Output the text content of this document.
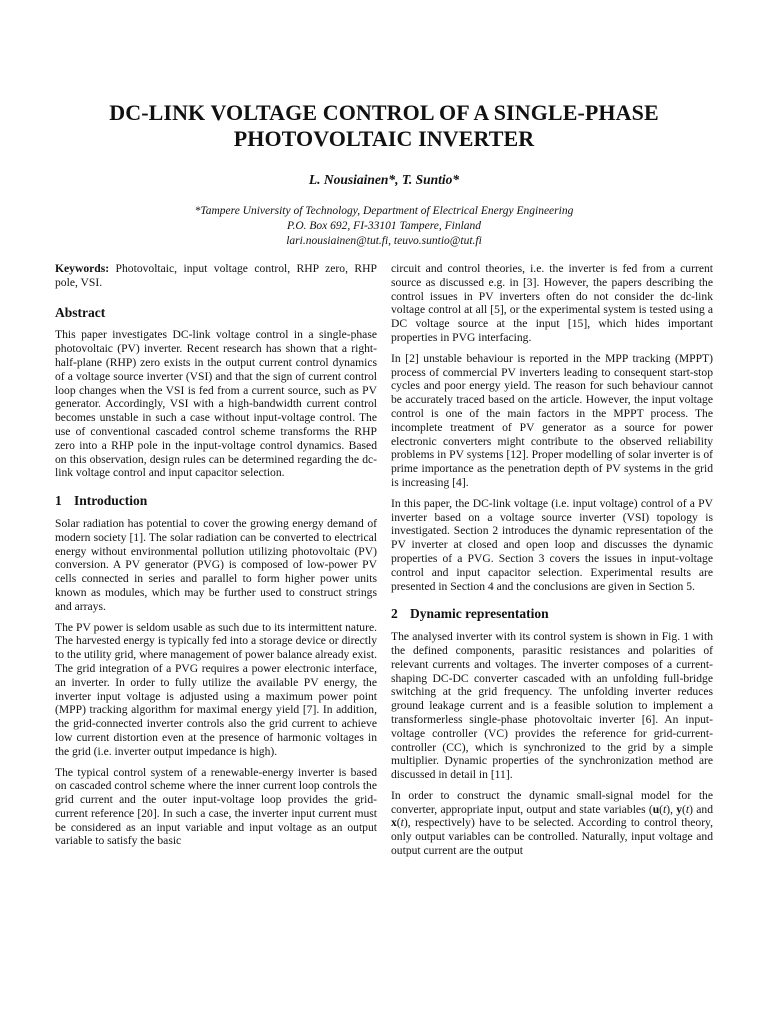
DC-LINK VOLTAGE CONTROL OF A SINGLE-PHASE
PHOTOVOLTAIC INVERTER
L. Nousiainen*, T. Suntio*
*Tampere University of Technology, Department of Electrical Energy Engineering
P.O. Box 692, FI-33101 Tampere, Finland
lari.nousiainen@tut.fi, teuvo.suntio@tut.fi

Keywords: Photovoltaic, input voltage control, RHP zero, RHP pole, VSI.

Abstract

This paper investigates DC-link voltage control in a single-phase photovoltaic (PV) inverter. Recent research has shown that a right-half-plane (RHP) zero exists in the output current control dynamics of a voltage source inverter (VSI) and that the sign of current control loop changes when the VSI is fed from a current source, such as PV generator. Accordingly, VSI with a high-bandwidth current control becomes unstable in such a case without input-voltage control. The use of conventional cascaded control scheme transforms the RHP zero into a RHP pole in the input-voltage control dynamics. Based on this observation, design rules can be determined regarding the dc-link voltage control and input capacitor selection.

1 Introduction

Solar radiation has potential to cover the growing energy demand of modern society [1]. The solar radiation can be converted to electrical energy without environmental pollution utilizing photovoltaic (PV) conversion. A PV generator (PVG) is composed of low-power PV cells connected in series and parallel to form higher power units known as modules, which may be further used to construct strings and arrays.

The PV power is seldom usable as such due to its intermittent nature. The harvested energy is typically fed into a storage device or directly to the utility grid, where management of power balance already exist. The grid integration of a PVG requires a power electronic interface, an inverter. In order to fully utilize the available PV energy, the inverter input voltage is adjusted using a maximum power point (MPP) tracking algorithm for maximal energy yield [7]. In addition, the grid-connected inverter controls also the grid current to achieve low current distortion even at the presence of harmonic voltages in the grid (i.e. inverter output impedance is high).

The typical control system of a renewable-energy inverter is based on cascaded control scheme where the inner current loop controls the grid current and the outer input-voltage loop provides the grid-current reference [20]. In such a case, the inverter input current must be considered as an input variable and input voltage as an output variable to satisfy the basic

circuit and control theories, i.e. the inverter is fed from a current source as discussed e.g. in [3]. However, the papers describing the control issues in PV inverters often do not consider the dc-link voltage control at all [5], or the experimental system is tested using a DC voltage source at the input [15], which hides important properties in PVG interfacing.

In [2] unstable behaviour is reported in the MPP tracking (MPPT) process of commercial PV inverters leading to consequent start-stop cycles and poor energy yield. The reason for such behaviour cannot be accurately traced based on the article. However, the input voltage control is one of the main factors in the MPPT process. The incomplete treatment of PV generator as a source for power electronic converters might contribute to the observed reliability problems in PV systems [12]. Proper modelling of solar inverter is of prime importance as the penetration depth of PV systems in the grid is increasing [4].

In this paper, the DC-link voltage (i.e. input voltage) control of a PV inverter based on a voltage source inverter (VSI) topology is investigated. Section 2 introduces the dynamic representation of the PV inverter at closed and open loop and discusses the dynamic properties of a PVG. Section 3 covers the issues in input-voltage control and input capacitor selection. Experimental results are presented in Section 4 and the conclusions are given in Section 5.

2 Dynamic representation

The analysed inverter with its control system is shown in Fig. 1 with the defined components, parasitic resistances and polarities of relevant currents and voltages. The inverter composes of a current-shaping DC-DC converter cascaded with an unfolding full-bridge switching at the grid frequency. The unfolding inverter reduces ground leakage current and is a feasible solution to implement a transformerless single-phase photovoltaic inverter [6]. An input-voltage controller (VC) provides the reference for grid-current-controller (CC), which is synchronized to the grid by a simple multiplier. Dynamic properties of the synchronization method are discussed in detail in [11].

In order to construct the dynamic small-signal model for the converter, appropriate input, output and state variables (u(t), y(t) and x(t), respectively) have to be selected. According to control theory, only output variables can be controlled. Naturally, input voltage and output current are the output
